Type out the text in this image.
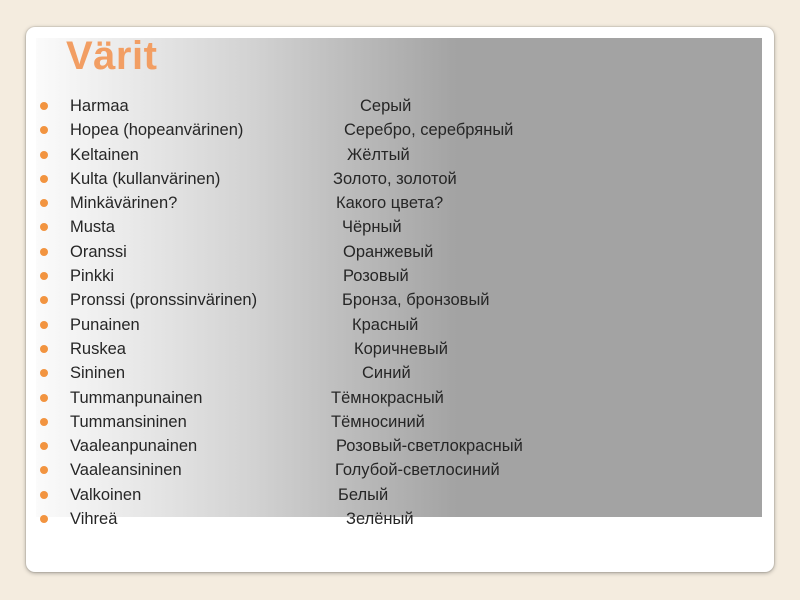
Värit
Harmaa	Серый
Hopea (hopeanvärinen)	Серебро, серебряный
Keltainen	Жёлтый
Kulta (kullanvärinen)	Золото, золотой
Minkävärinen?	Какого цвета?
Musta	Чёрный
Oranssi	Оранжевый
Pinkki	Розовый
Pronssi (pronssinvärinen)	Бронза, бронзовый
Punainen	Красный
Ruskea	Коричневый
Sininen	Синий
Tummanpunainen	Тёмнокрасный
Tummansininen	Тёмносиний
Vaaleanpunainen	Розовый-светлокрасный
Vaaleansininen	Голубой-светлосиний
Valkoinen	Белый
Vihreä	Зелёный
